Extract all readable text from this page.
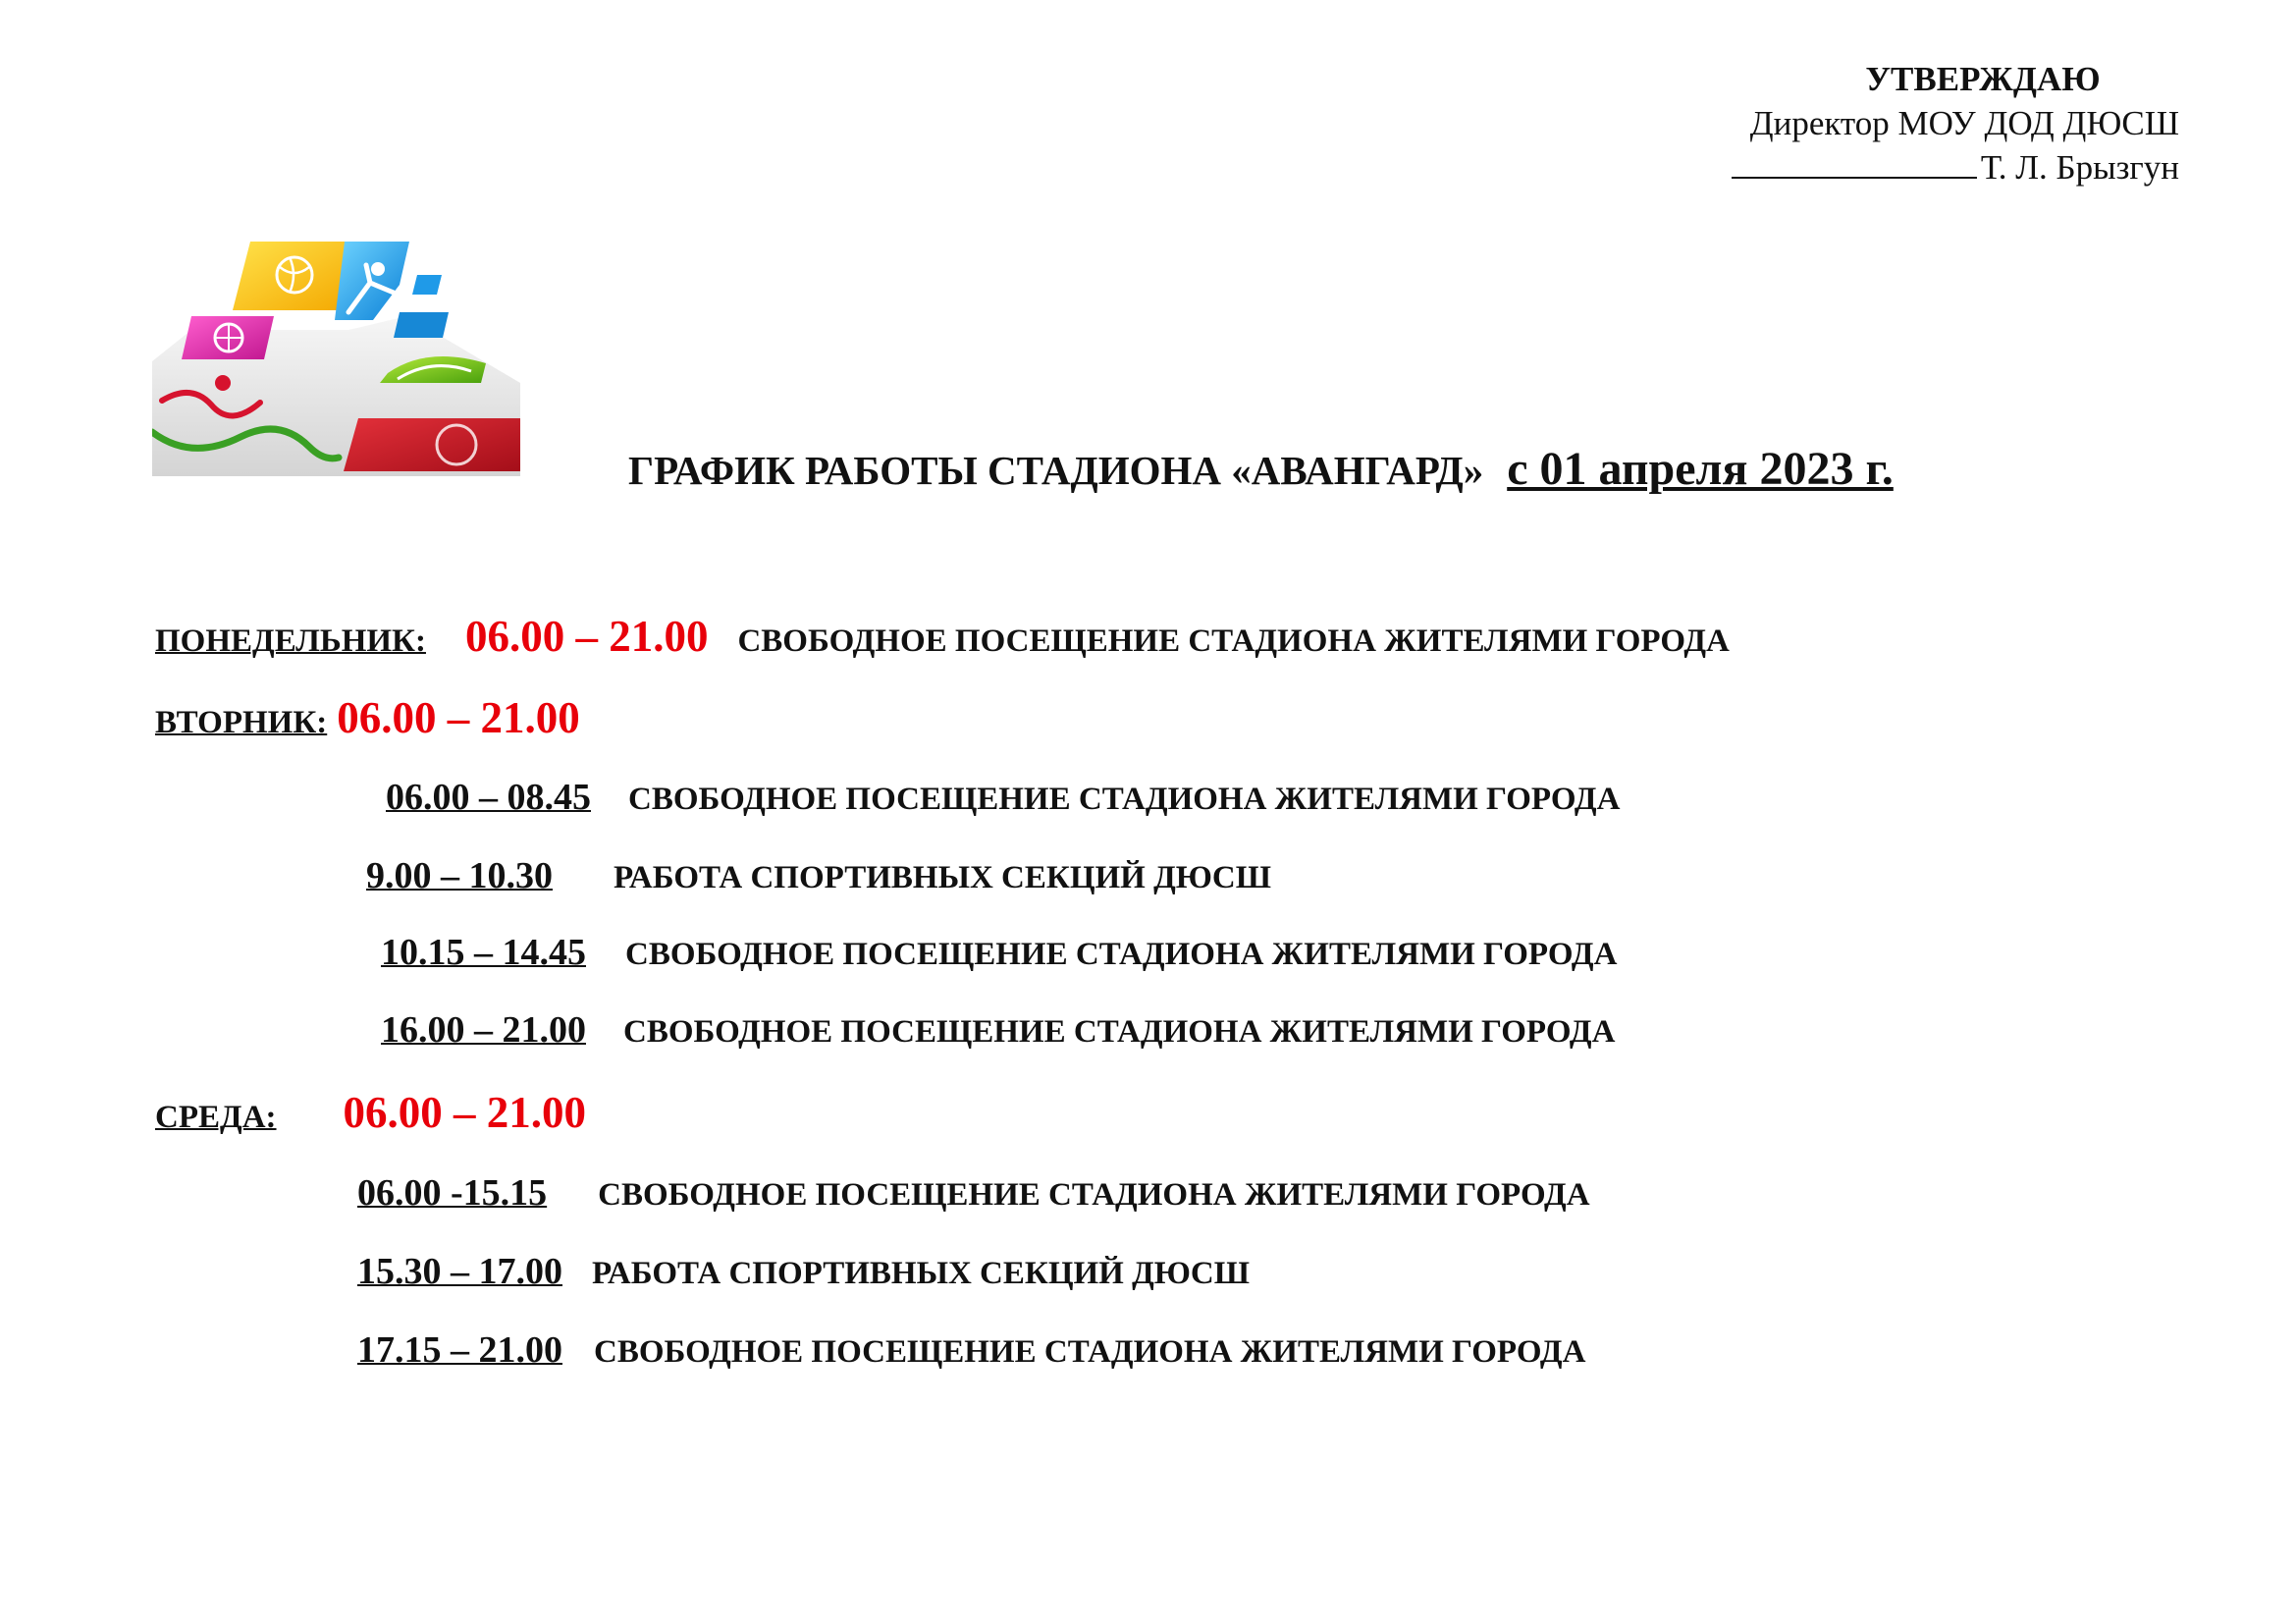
УТВЕРЖДАЮ
Директор МОУ ДОД ДЮСШ
Т. Л. Брызгун
ГРАФИК РАБОТЫ СТАДИОНА «АВАНГАРД» с 01 апреля 2023 г.
ПОНЕДЕЛЬНИК: 06.00 – 21.00 СВОБОДНОЕ ПОСЕЩЕНИЕ СТАДИОНА ЖИТЕЛЯМИ ГОРОДА
ВТОРНИК: 06.00 – 21.00
06.00 – 08.45 СВОБОДНОЕ ПОСЕЩЕНИЕ СТАДИОНА ЖИТЕЛЯМИ ГОРОДА
9.00 – 10.30 РАБОТА СПОРТИВНЫХ СЕКЦИЙ ДЮСШ
10.15 – 14.45 СВОБОДНОЕ ПОСЕЩЕНИЕ СТАДИОНА ЖИТЕЛЯМИ ГОРОДА
16.00 – 21.00 СВОБОДНОЕ ПОСЕЩЕНИЕ СТАДИОНА ЖИТЕЛЯМИ ГОРОДА
СРЕДА: 06.00 – 21.00
06.00 -15.15 СВОБОДНОЕ ПОСЕЩЕНИЕ СТАДИОНА ЖИТЕЛЯМИ ГОРОДА
15.30 – 17.00 РАБОТА СПОРТИВНЫХ СЕКЦИЙ ДЮСШ
17.15 – 21.00 СВОБОДНОЕ ПОСЕЩЕНИЕ СТАДИОНА ЖИТЕЛЯМИ ГОРОДА
